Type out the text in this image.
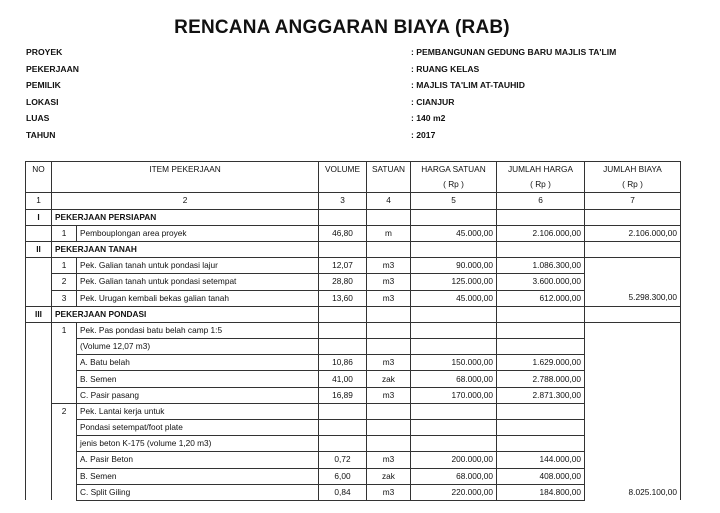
RENCANA ANGGARAN BIAYA (RAB)
PROYEK	: PEMBANGUNAN GEDUNG BARU MAJLIS TA'LIM
PEKERJAAN	: RUANG KELAS
PEMILIK	: MAJLIS TA'LIM AT-TAUHID
LOKASI	: CIANJUR
LUAS	: 140 m2
TAHUN	: 2017
NO	ITEM PEKERJAAN		VOLUME	SATUAN	HARGA SATUAN	JUMLAH HARGA	JUMLAH BIAYA
					( Rp )	( Rp )	( Rp )
1	2		3	4	5	6	7
I	PEKERJAAN PERSIAPAN						
	1	Pembouplongan area proyek	46,80	m	45.000,00	2.106.000,00	2.106.000,00
II	PEKERJAAN TANAH						
	1	Pek. Galian tanah untuk pondasi lajur	12,07	m3	90.000,00	1.086.300,00	
	2	Pek. Galian tanah untuk pondasi setempat	28,80	m3	125.000,00	3.600.000,00	
	3	Pek. Urugan kembali bekas galian tanah	13,60	m3	45.000,00	612.000,00	5.298.300,00
III	PEKERJAAN PONDASI						
	1	Pek. Pas pondasi batu belah camp 1:5					
		(Volume 12,07 m3)					
		A. Batu belah	10,86	m3	150.000,00	1.629.000,00	
		B. Semen	41,00	zak	68.000,00	2.788.000,00	
		C. Pasir pasang	16,89	m3	170.000,00	2.871.300,00	
	2	Pek. Lantai kerja untuk					
		Pondasi setempat/foot plate					
		jenis beton K-175 (volume 1,20 m3)					
		A. Pasir Beton	0,72	m3	200.000,00	144.000,00	
		B. Semen	6,00	zak	68.000,00	408.000,00	
		C. Split Giling	0,84	m3	220.000,00	184.800,00	8.025.100,00
